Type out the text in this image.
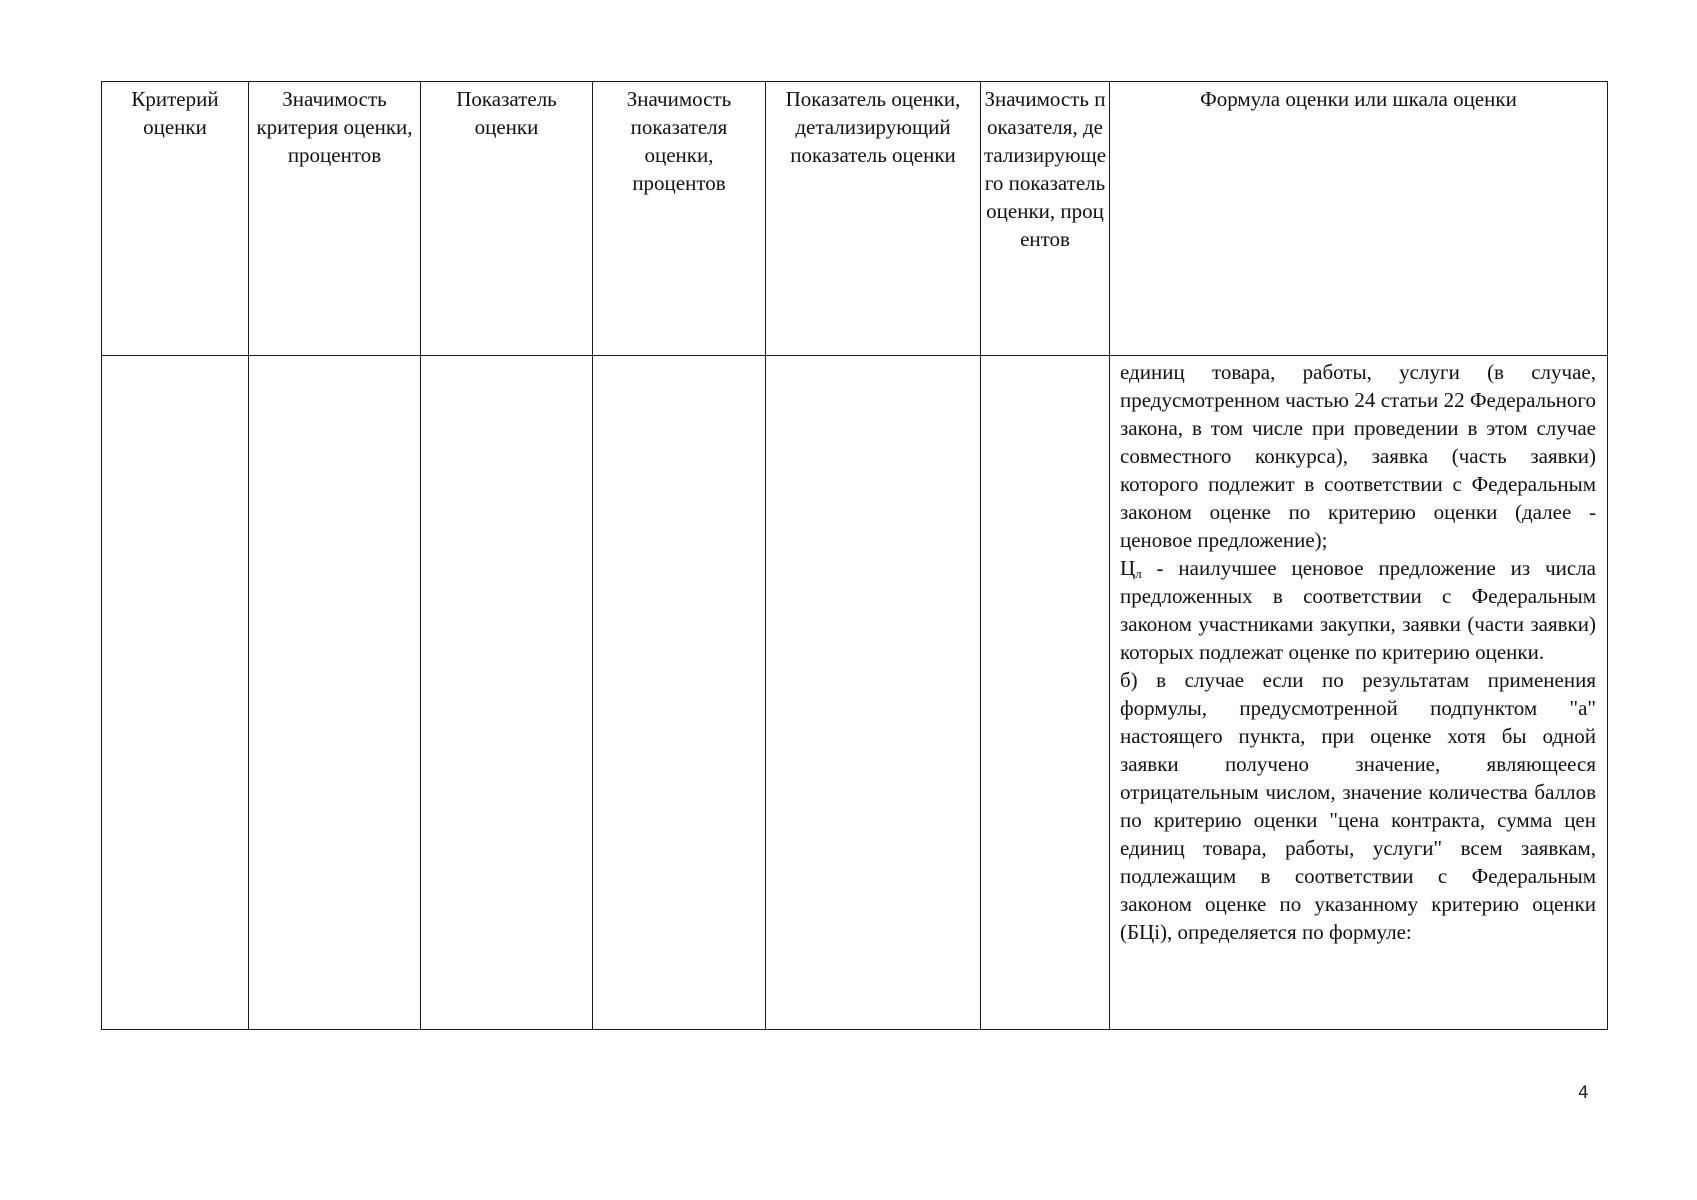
Критерий оценки	Значимость критерия оценки, процентов	Показатель оценки	Значимость показателя оценки, процентов	Показатель оценки, детализирующий показатель оценки	Значимость показателя, детализирующего показатель оценки, процентов	Формула оценки или шкала оценки

						единиц товара, работы, услуги (в случае, предусмотренном частью 24 статьи 22 Федерального закона, в том числе при проведении в этом случае совместного конкурса), заявка (часть заявки) которого подлежит в соответствии с Федеральным законом оценке по критерию оценки (далее - ценовое предложение);

$Ц_л$ - наилучшее ценовое предложение из числа предложенных в соответствии с Федеральным законом участниками закупки, заявки (части заявки) которых подлежат оценке по критерию оценки.

б) в случае если по результатам применения формулы, предусмотренной подпунктом "а" настоящего пункта, при оценке хотя бы одной заявки получено значение, являющееся отрицательным числом, значение количества баллов по критерию оценки "цена контракта, сумма цен единиц товара, работы, услуги" всем заявкам, подлежащим в соответствии с Федеральным законом оценке по указанному критерию оценки (БЦi), определяется по формуле:

4
